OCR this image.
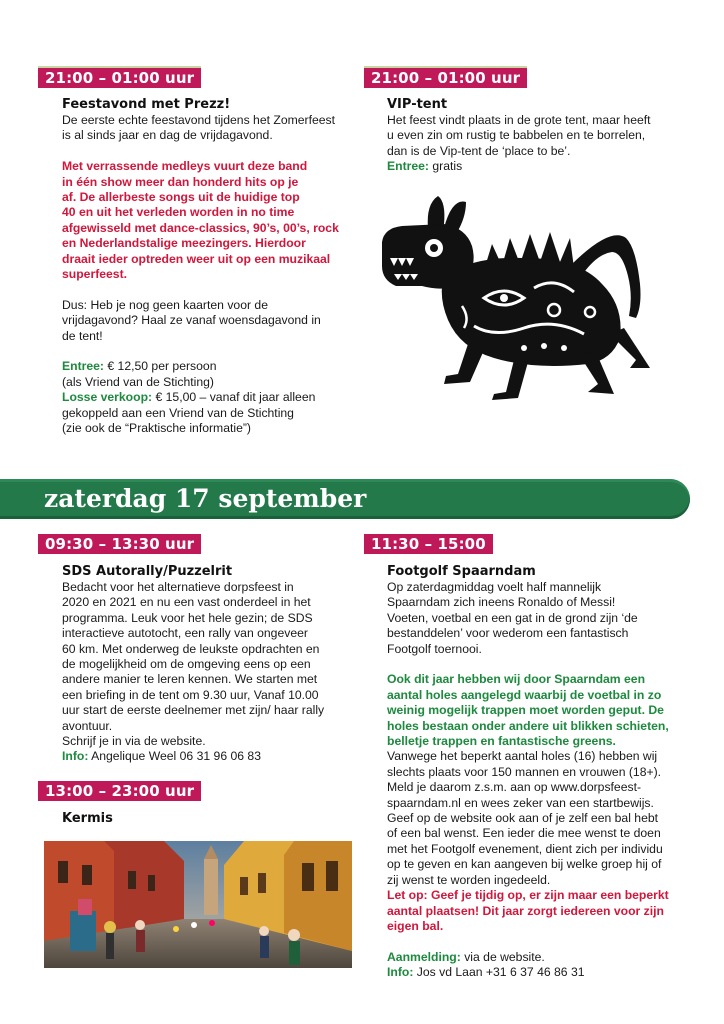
21:00 – 01:00 uur
Feestavond met Prezz!

De eerste echte feestavond tijdens het Zomerfeest

is al sinds jaar en dag de vrijdagavond.

Met verrassende medleys vuurt deze band

in één show meer dan honderd hits op je

af. De allerbeste songs uit de huidige top

40 en uit het verleden worden in no time

afgewisseld met dance-classics, 90’s, 00’s, rock

en Nederlandstalige meezingers. Hierdoor

draait ieder optreden weer uit op een muzikaal

superfeest.

Dus: Heb je nog geen kaarten voor de

vrijdagavond? Haal ze vanaf woensdagavond in

de tent!

Entree: € 12,50 per persoon

(als Vriend van de Stichting)

Losse verkoop: € 15,00 – vanaf dit jaar alleen

gekoppeld aan een Vriend van de Stichting

(zie ook de “Praktische informatie”)

21:00 – 01:00 uur
VIP-tent

Het feest vindt plaats in de grote tent, maar heeft

u even zin om rustig te babbelen en te borrelen,

dan is de Vip-tent de ‘place to be’.

Entree: gratis

zaterdag 17 september
09:30 – 13:30 uur
SDS Autorally/Puzzelrit

Bedacht voor het alternatieve dorpsfeest in

2020 en 2021 en nu een vast onderdeel in het

programma. Leuk voor het hele gezin; de SDS

interactieve autotocht, een rally van ongeveer

60 km. Met onderweg de leukste opdrachten en

de mogelijkheid om de omgeving eens op een

andere manier te leren kennen. We starten met

een briefing in de tent om 9.30 uur, Vanaf 10.00

uur start de eerste deelnemer met zijn/ haar rally

avontuur.

Schrijf je in via de website.

Info: Angelique Weel 06 31 96 06 83

13:00 – 23:00 uur
Kermis
11:30 – 15:00
Footgolf Spaarndam

Op zaterdagmiddag voelt half mannelijk

Spaarndam zich ineens Ronaldo of Messi!

Voeten, voetbal en een gat in de grond zijn ‘de

bestanddelen’ voor wederom een fantastisch

Footgolf toernooi.

Ook dit jaar hebben wij door Spaarndam een

aantal holes aangelegd waarbij de voetbal in zo

weinig mogelijk trappen moet worden geput. De

holes bestaan onder andere uit blikken schieten,

belletje trappen en fantastische greens.

Vanwege het beperkt aantal holes (16) hebben wij

slechts plaats voor 150 mannen en vrouwen (18+).

Meld je daarom z.s.m. aan op www.dorpsfeest-

spaarndam.nl en wees zeker van een startbewijs.

Geef op de website ook aan of je zelf een bal hebt

of een bal wenst. Een ieder die mee wenst te doen

met het Footgolf evenement, dient zich per individu

op te geven en kan aangeven bij welke groep hij of

zij wenst te worden ingedeeld.

Let op: Geef je tijdig op, er zijn maar een beperkt

aantal plaatsen! Dit jaar zorgt iedereen voor zijn

eigen bal.

Aanmelding: via de website.

Info: Jos vd Laan +31 6 37 46 86 31
